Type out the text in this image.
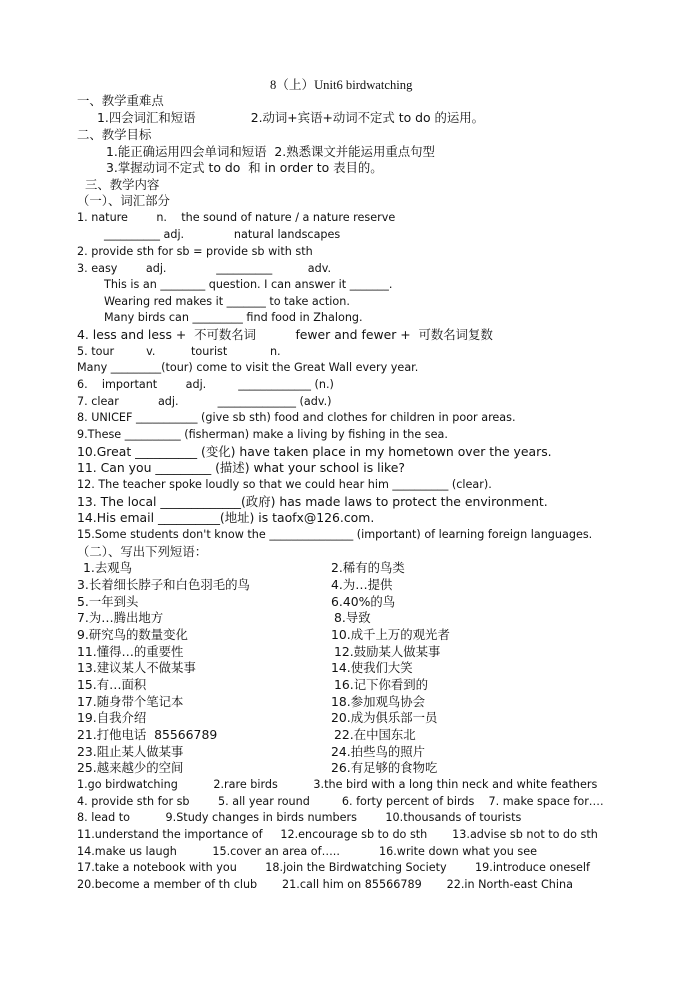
8（上）Unit6 birdwatching
一、教学重难点
1.四会词汇和短语              2.动词+宾语+动词不定式 to do 的运用。
二、教学目标
1.能正确运用四会单词和短语  2.熟悉课文并能运用重点句型
3.掌握动词不定式 to do  和 in order to 表目的。
三、教学内容
（一）、词汇部分
1. nature        n.    the sound of nature / a nature reserve
__________ adj.              natural landscapes
2. provide sth for sb = provide sb with sth
3. easy        adj.              __________          adv.
This is an ________ question. I can answer it _______.
Wearing red makes it _______ to take action.
Many birds can _________ find food in Zhalong.
4. less and less +  不可数名词          fewer and fewer +  可数名词复数
5. tour         v.          tourist            n.
Many _________(tour) come to visit the Great Wall every year.
6.    important        adj.         _____________ (n.)
7. clear           adj.           ______________ (adv.)
8. UNICEF ___________ (give sb sth) food and clothes for children in poor areas.
9.These __________ (fisherman) make a living by fishing in the sea.
10.Great __________ (变化) have taken place in my hometown over the years.
11. Can you _________ (描述) what your school is like?
12. The teacher spoke loudly so that we could hear him __________ (clear).
13. The local _____________(政府) has made laws to protect the environment.
14.His email __________(地址) is taofx@126.com.
15.Some students don't know the _______________ (important) of learning foreign languages.
（二）、写出下列短语：
1.去观鸟	2.稀有的鸟类
3.长着细长脖子和白色羽毛的鸟	4.为…提供
5.一年到头	6.40%的鸟
7.为…腾出地方	8.导致
9.研究鸟的数量变化	10.成千上万的观光者
11.懂得…的重要性	12.鼓励某人做某事
13.建议某人不做某事	14.使我们大笑
15.有…面积	16.记下你看到的
17.随身带个笔记本	18.参加观鸟协会
19.自我介绍	20.成为俱乐部一员
21.打他电话  85566789	22.在中国东北
23.阻止某人做某事	24.拍些鸟的照片
25.越来越少的空间	26.有足够的食物吃
1.go birdwatching          2.rare birds          3.the bird with a long thin neck and white feathers
4. provide sth for sb        5. all year round         6. forty percent of birds    7. make space for….
8. lead to          9.Study changes in birds numbers        10.thousands of tourists
11.understand the importance of     12.encourage sb to do sth       13.advise sb not to do sth
14.make us laugh          15.cover an area of…..           16.write down what you see
17.take a notebook with you        18.join the Birdwatching Society        19.introduce oneself
20.become a member of th club       21.call him on 85566789       22.in North-east China
